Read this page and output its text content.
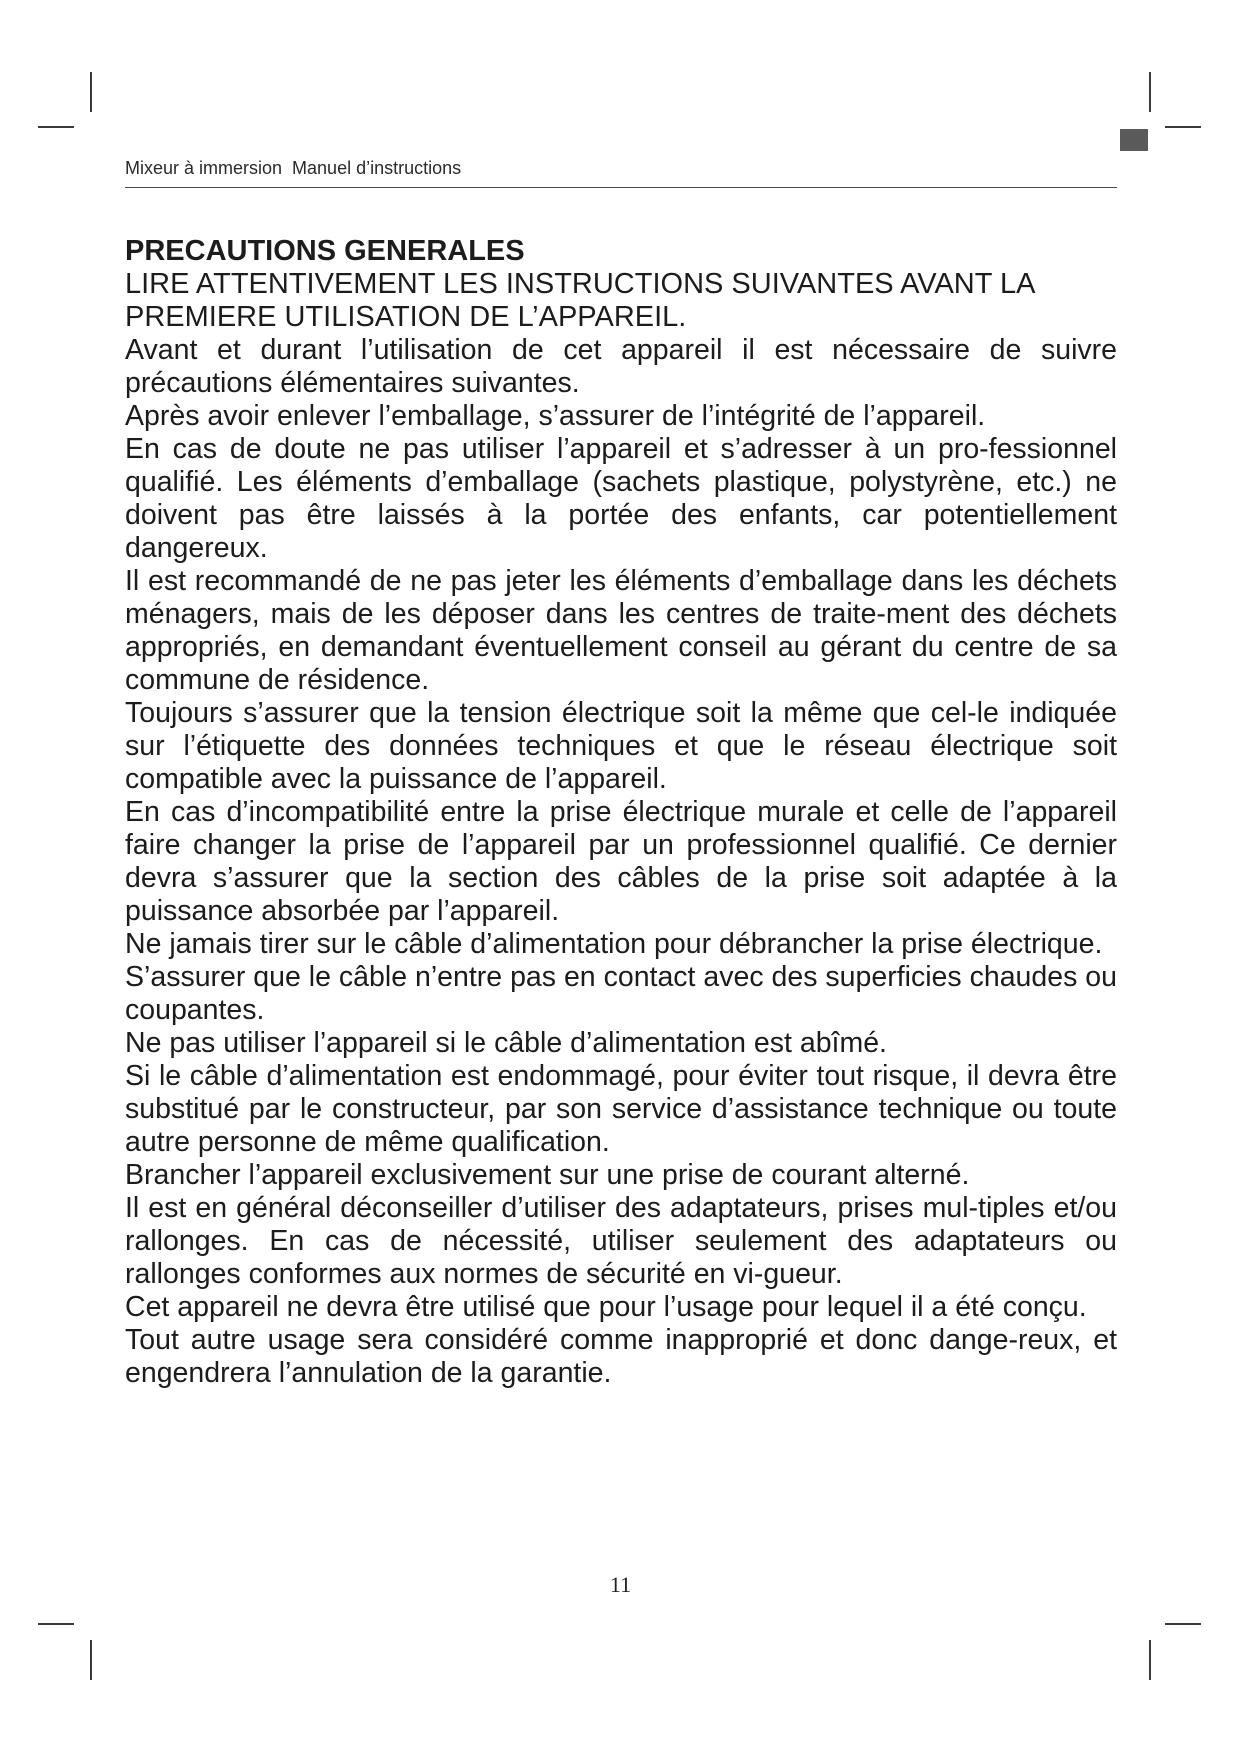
Mixeur à immersion  Manuel d’instructions
PRECAUTIONS GENERALES

LIRE ATTENTIVEMENT LES INSTRUCTIONS SUIVANTES AVANT LA PREMIERE UTILISATION DE L’APPAREIL.

Avant et durant l’utilisation de cet appareil il est nécessaire de suivre précautions élémentaires suivantes.

Après avoir enlever l’emballage, s’assurer de l’intégrité de l’appareil.

En cas de doute ne pas utiliser l’appareil et s’adresser à un pro-fessionnel qualifié. Les éléments d’emballage (sachets plastique, polystyrène, etc.) ne doivent pas être laissés à la portée des enfants, car potentiellement dangereux.

Il est recommandé de ne pas jeter les éléments d’emballage dans les déchets ménagers, mais de les déposer dans les centres de traite-ment des déchets appropriés, en demandant éventuellement conseil au gérant du centre de sa commune de résidence.

Toujours s’assurer que la tension électrique soit la même que cel-le indiquée sur l’étiquette des données techniques et que le réseau électrique soit compatible avec la puissance de l’appareil.

En cas d’incompatibilité entre la prise électrique murale et celle de l’appareil faire changer la prise de l’appareil par un professionnel qualifié. Ce dernier devra s’assurer que la section des câbles de la prise soit adaptée à la puissance absorbée par l’appareil.

Ne jamais tirer sur le câble d’alimentation pour débrancher la prise électrique.

S’assurer que le câble n’entre pas en contact avec des superficies chaudes ou coupantes.

Ne pas utiliser l’appareil si le câble d’alimentation est abîmé.

Si le câble d’alimentation est endommagé, pour éviter tout risque, il devra être substitué par le constructeur, par son service d’assistance technique ou toute autre personne de même qualification.

Brancher l’appareil exclusivement sur une prise de courant alterné.

Il est en général déconseiller d’utiliser des adaptateurs, prises mul-tiples et/ou rallonges. En cas de nécessité, utiliser seulement des adaptateurs ou rallonges conformes aux normes de sécurité en vi-gueur.

Cet appareil ne devra être utilisé que pour l’usage pour lequel il a été conçu.

Tout autre usage sera considéré comme inapproprié et donc dange-reux, et engendrera l’annulation de la garantie.

11
